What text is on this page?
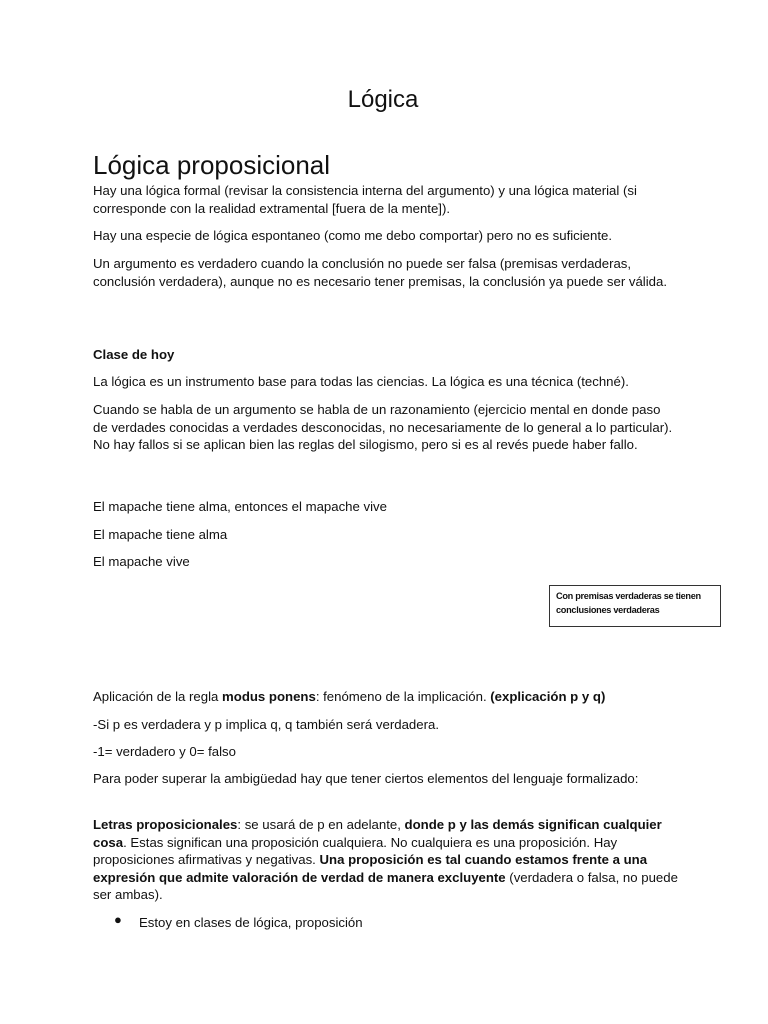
Lógica
Lógica proposicional

Hay una lógica formal (revisar la consistencia interna del argumento) y una lógica material (si corresponde con la realidad extramental [fuera de la mente]).

Hay una especie de lógica espontaneo (como me debo comportar) pero no es suficiente.

Un argumento es verdadero cuando la conclusión no puede ser falsa (premisas verdaderas, conclusión verdadera), aunque no es necesario tener premisas, la conclusión ya puede ser válida.

Clase de hoy

La lógica es un instrumento base para todas las ciencias. La lógica es una técnica (techné).

Cuando se habla de un argumento se habla de un razonamiento (ejercicio mental en donde paso de verdades conocidas a verdades desconocidas, no necesariamente de lo general a lo particular). No hay fallos si se aplican bien las reglas del silogismo, pero si es al revés puede haber fallo.

El mapache tiene alma, entonces el mapache vive

El mapache tiene alma

El mapache vive

Con premisas verdaderas se tienen conclusiones verdaderas

Aplicación de la regla modus ponens: fenómeno de la implicación. (explicación p y q)

-Si p es verdadera y p implica q, q también será verdadera.

-1= verdadero y 0= falso

Para poder superar la ambigüedad hay que tener ciertos elementos del lenguaje formalizado:

Letras proposicionales: se usará de p en adelante, donde p y las demás significan cualquier cosa. Estas significan una proposición cualquiera. No cualquiera es una proposición. Hay proposiciones afirmativas y negativas. Una proposición es tal cuando estamos frente a una expresión que admite valoración de verdad de manera excluyente (verdadera o falsa, no puede ser ambas).

● Estoy en clases de lógica, proposición
